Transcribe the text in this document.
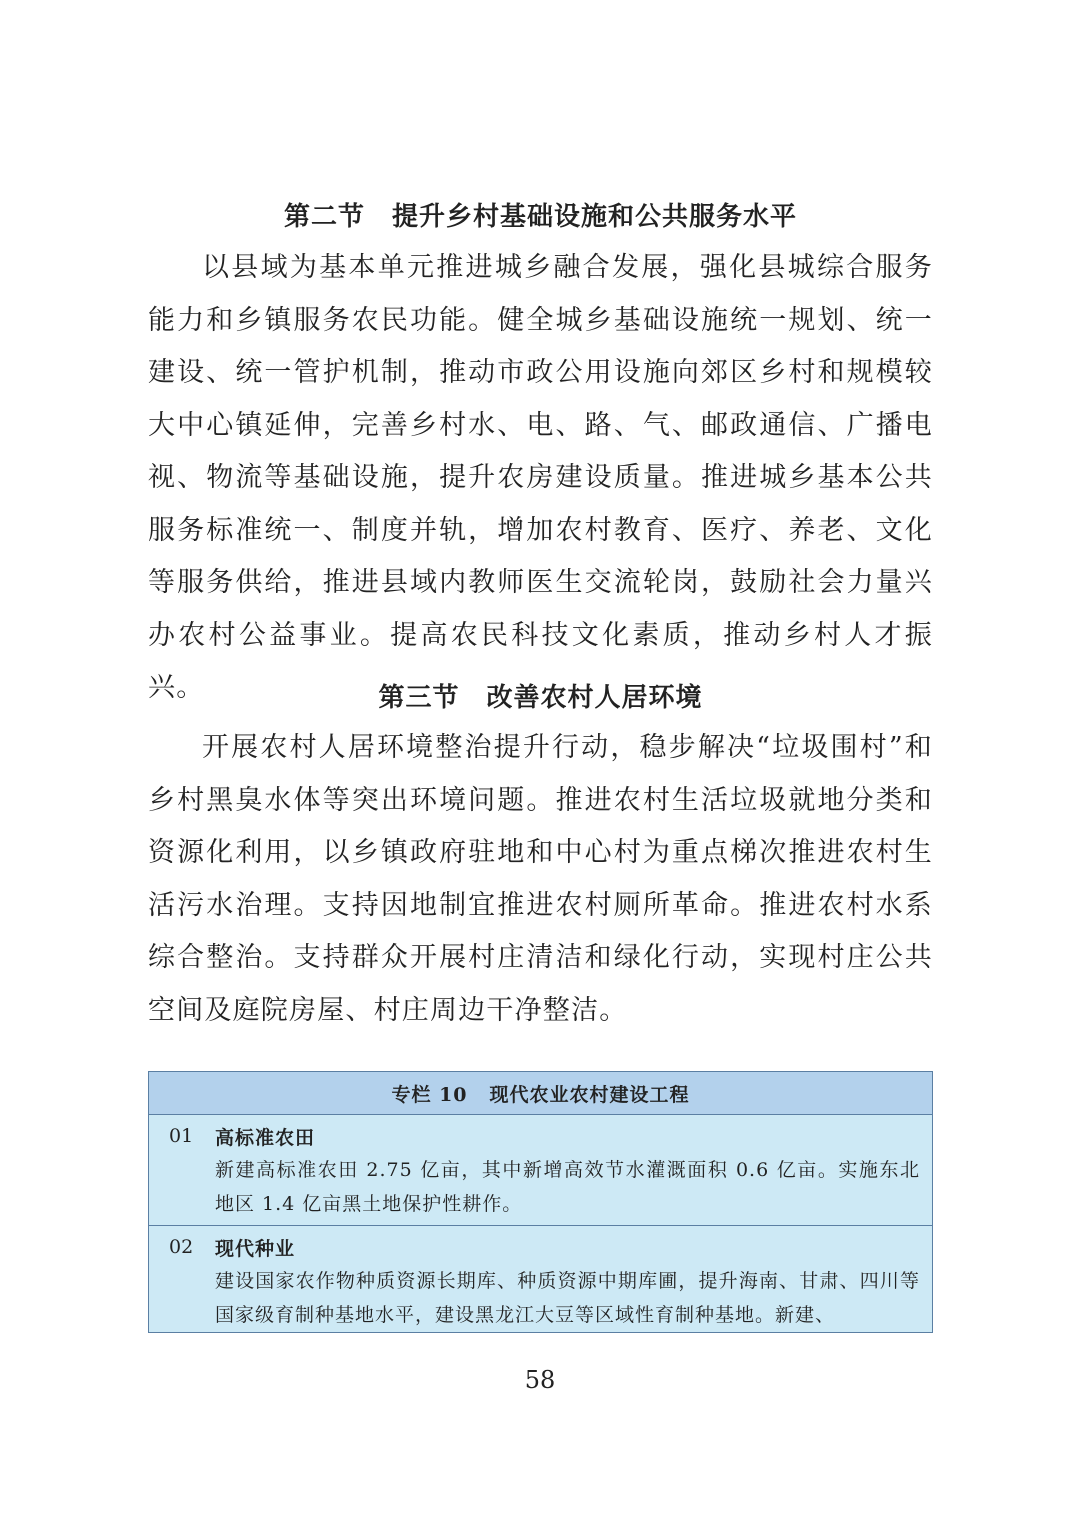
第二节　提升乡村基础设施和公共服务水平

以县域为基本单元推进城乡融合发展，强化县城综合服务能力和乡镇服务农民功能。健全城乡基础设施统一规划、统一建设、统一管护机制，推动市政公用设施向郊区乡村和规模较大中心镇延伸，完善乡村水、电、路、气、邮政通信、广播电视、物流等基础设施，提升农房建设质量。推进城乡基本公共服务标准统一、制度并轨，增加农村教育、医疗、养老、文化等服务供给，推进县域内教师医生交流轮岗，鼓励社会力量兴办农村公益事业。提高农民科技文化素质，推动乡村人才振兴。	第三节　改善农村人居环境

开展农村人居环境整治提升行动，稳步解决“垃圾围村”和乡村黑臭水体等突出环境问题。推进农村生活垃圾就地分类和资源化利用，以乡镇政府驻地和中心村为重点梯次推进农村生活污水治理。支持因地制宜推进农村厕所革命。推进农村水系综合整治。支持群众开展村庄清洁和绿化行动，实现村庄公共空间及庭院房屋、村庄周边干净整洁。

专栏 10 现代农业农村建设工程
01 高标准农田
新建高标准农田 2.75 亿亩，其中新增高效节水灌溉面积 0.6 亿亩。实施东北地区 1.4 亿亩黑土地保护性耕作。
02 现代种业
建设国家农作物种质资源长期库、种质资源中期库圃，提升海南、甘肃、四川等国家级育制种基地水平，建设黑龙江大豆等区域性育制种基地。新建、
58
